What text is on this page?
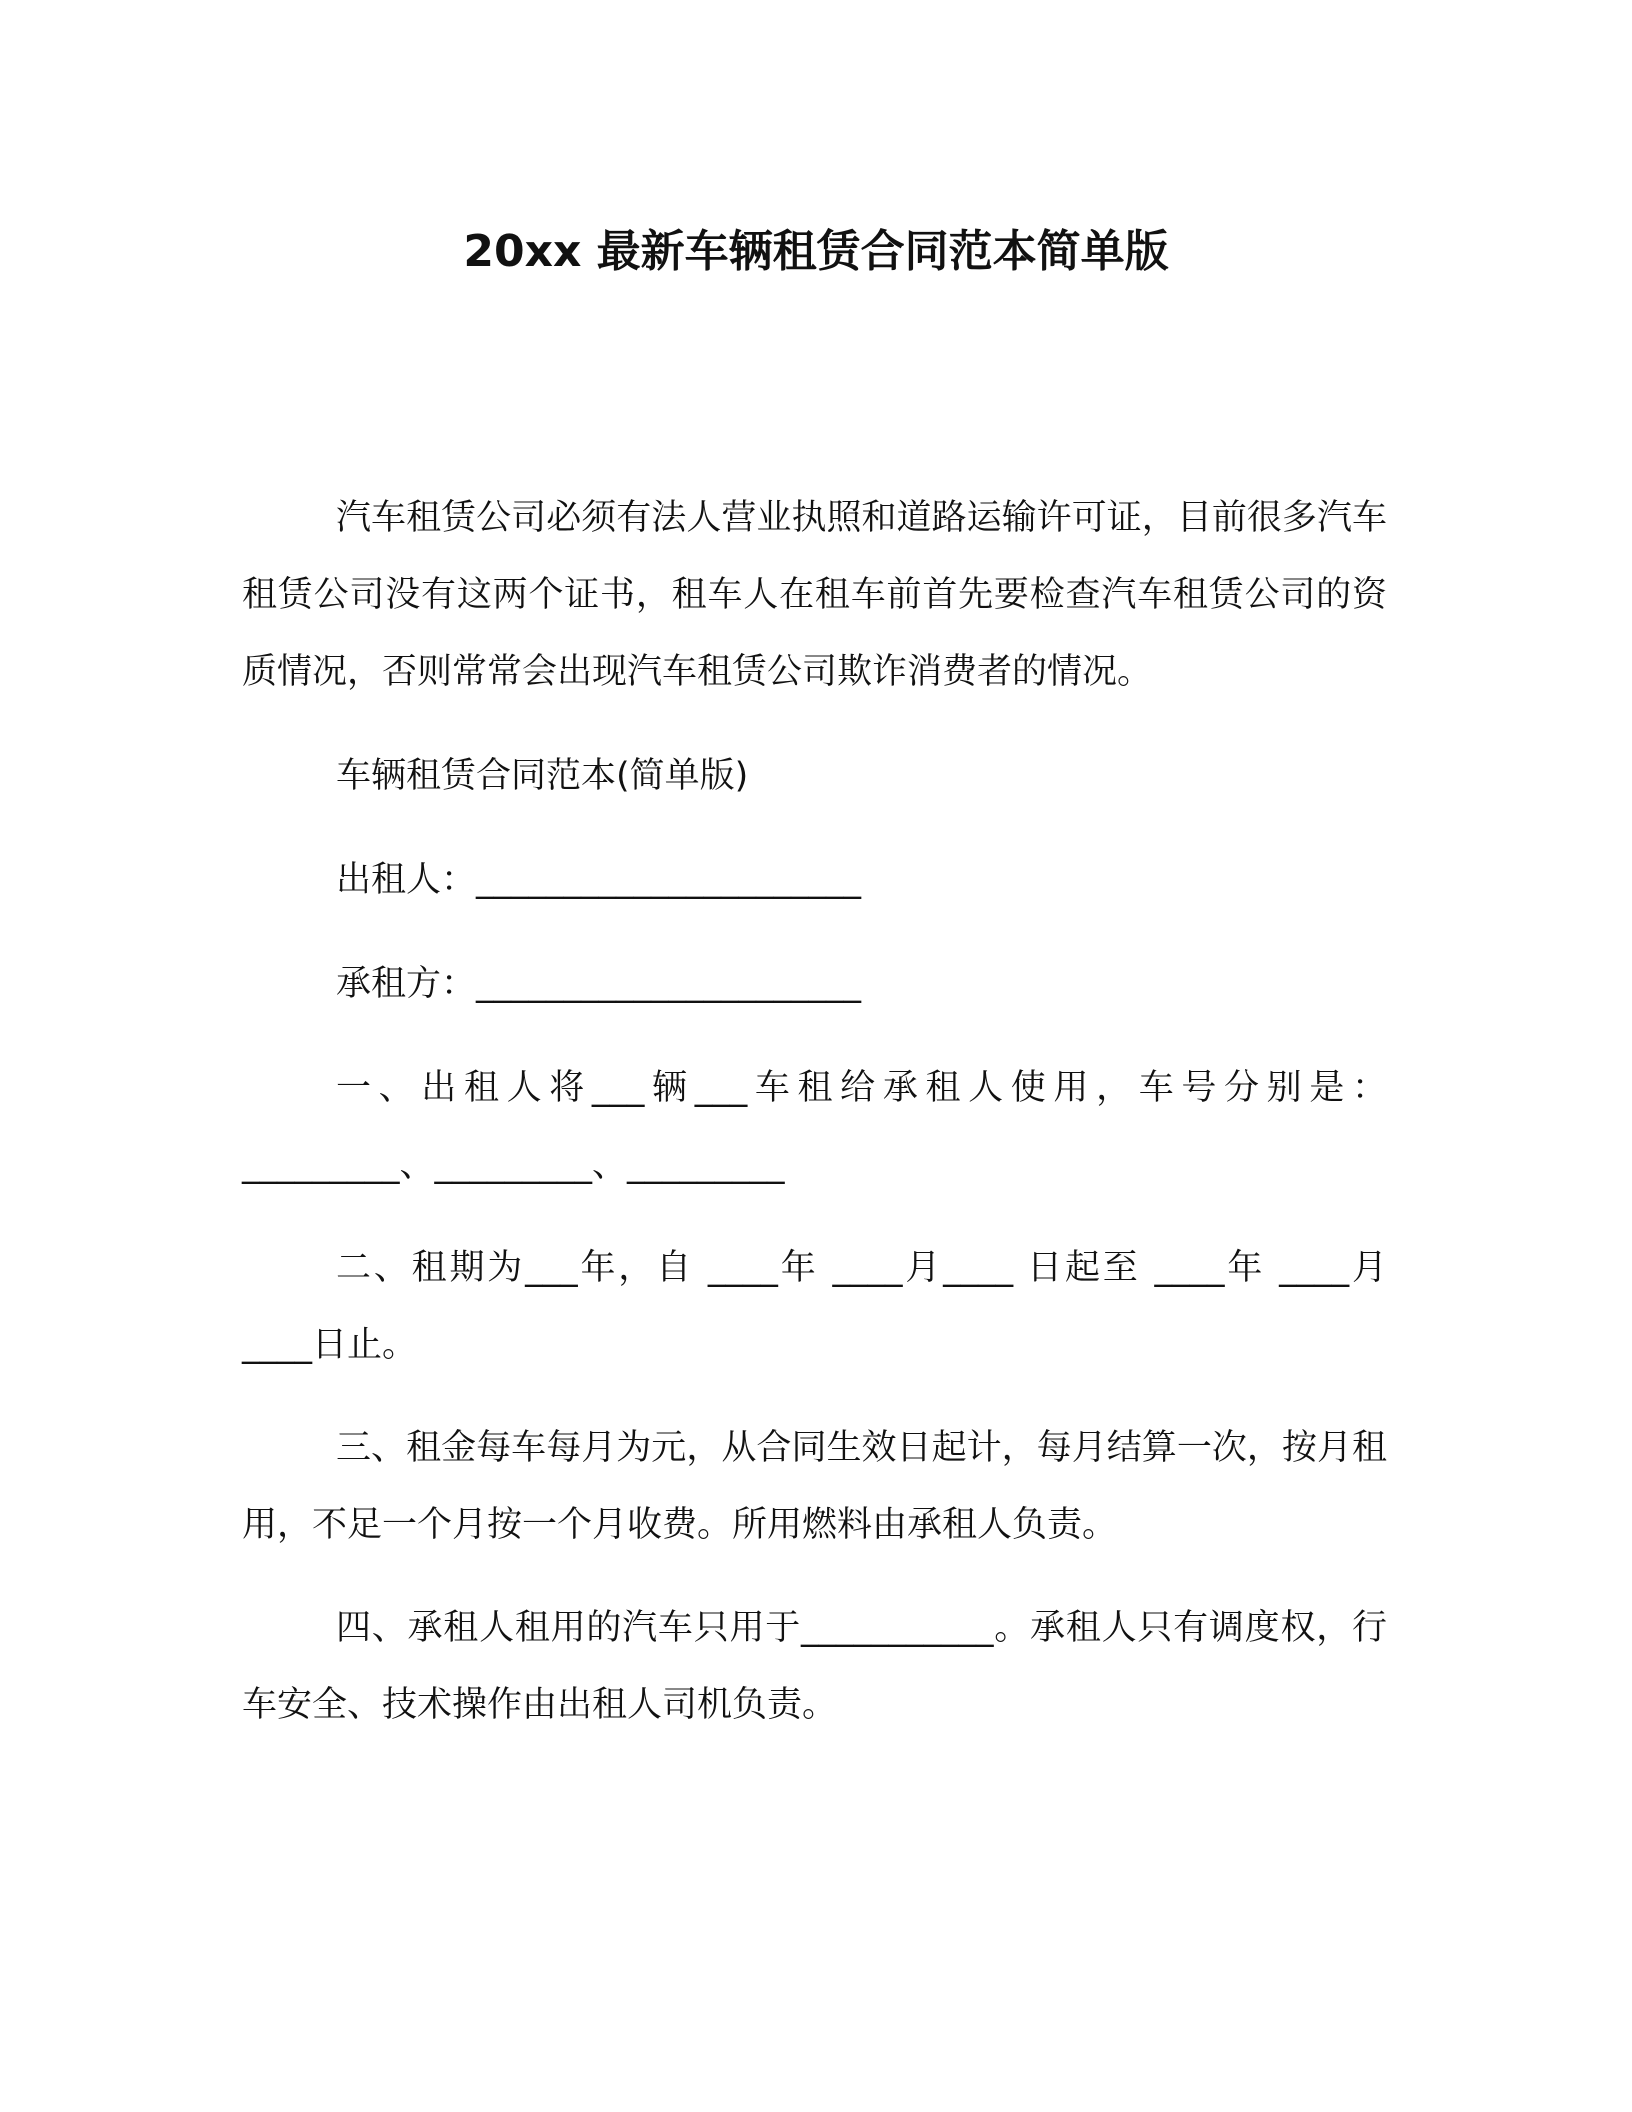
20xx 最新车辆租赁合同范本简单版

汽车租赁公司必须有法人营业执照和道路运输许可证，目前很多汽车租赁公司没有这两个证书，租车人在租车前首先要检查汽车租赁公司的资质情况，否则常常会出现汽车租赁公司欺诈消费者的情况。

车辆租赁合同范本(简单版)

出租人：______________________

承租方：______________________

一、出租人将___辆___车租给承租人使用，车号分别是：_________、_________、_________

二、租期为___年，自 ____年 ____月____ 日起至 ____年 ____月 ____日止。

三、租金每车每月为元，从合同生效日起计，每月结算一次，按月租用，不足一个月按一个月收费。所用燃料由承租人负责。

四、承租人租用的汽车只用于___________。承租人只有调度权，行车安全、技术操作由出租人司机负责。
